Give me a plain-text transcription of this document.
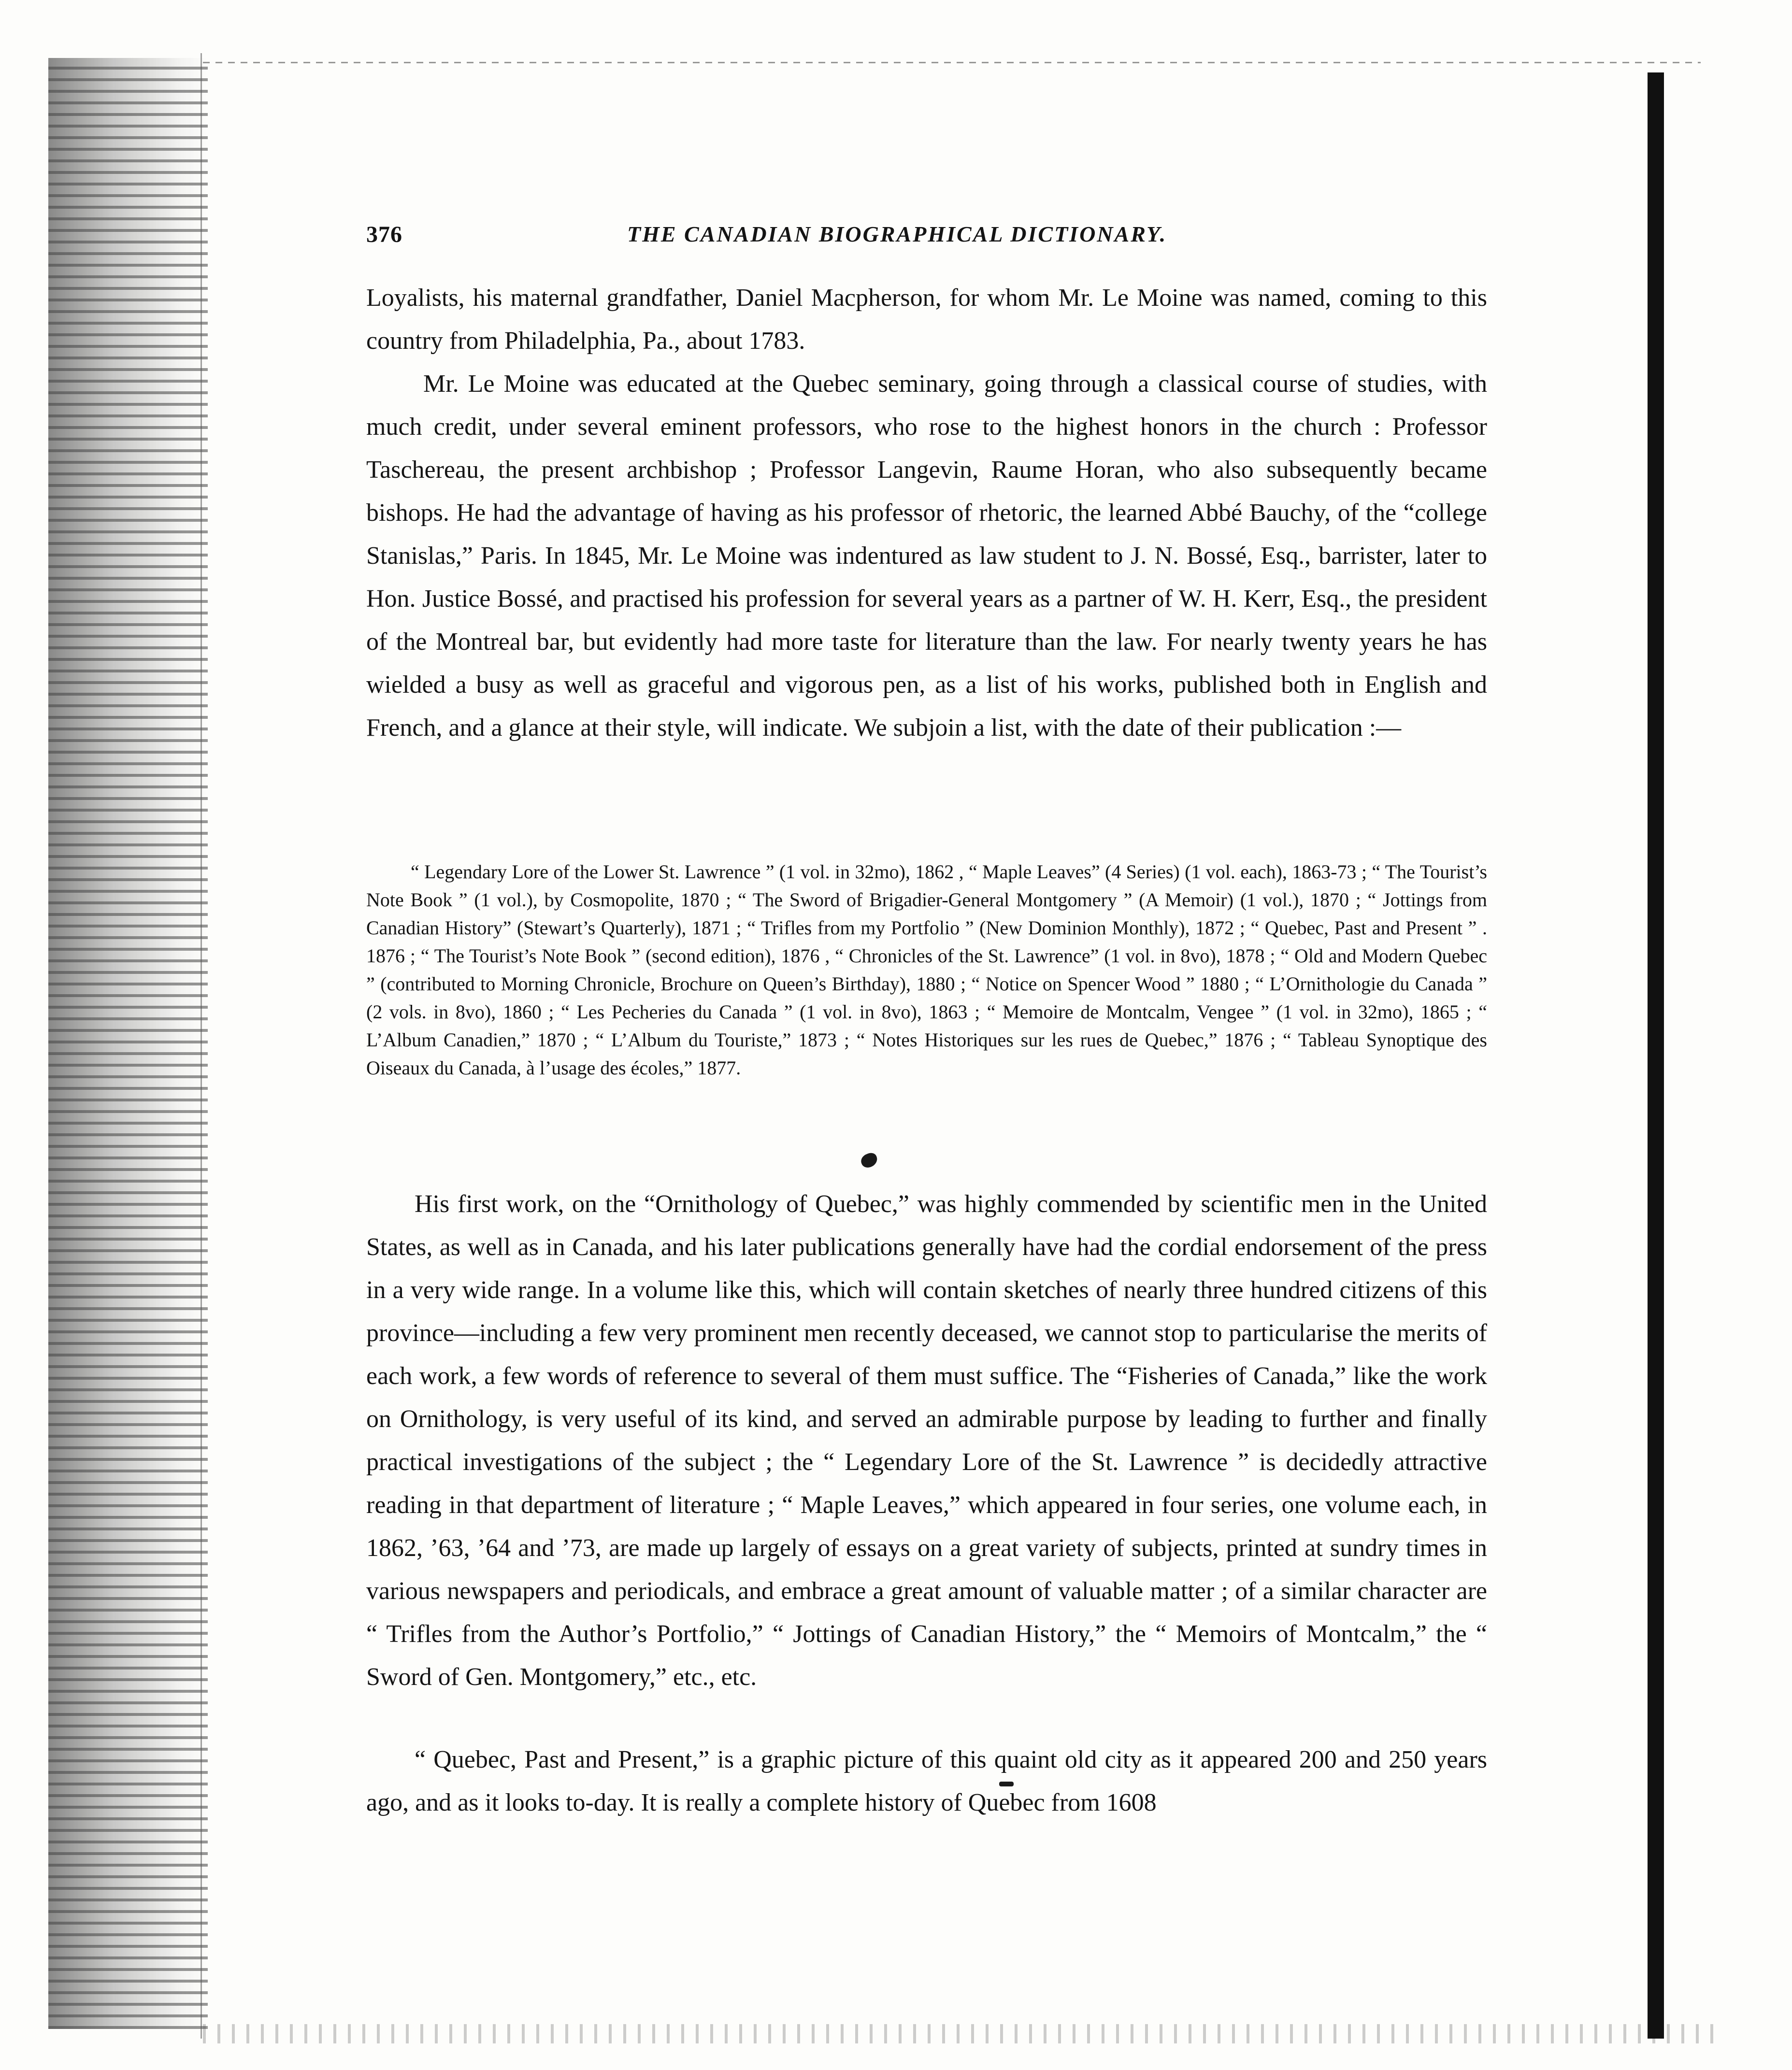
376	THE CANADIAN BIOGRAPHICAL DICTIONARY.

Loyalists, his maternal grandfather, Daniel Macpherson, for whom Mr. Le Moine was named, coming to this country from Philadelphia, Pa., about 1783.

Mr. Le Moine was educated at the Quebec seminary, going through a classical course of studies, with much credit, under several eminent professors, who rose to the highest honors in the church : Professor Taschereau, the present archbishop ; Professor Langevin, Raume Horan, who also subsequently became bishops. He had the advantage of having as his professor of rhetoric, the learned Abbé Bauchy, of the “college Stanislas,” Paris. In 1845, Mr. Le Moine was indentured as law student to J. N. Bossé, Esq., barrister, later to Hon. Justice Bossé, and practised his profession for several years as a partner of W. H. Kerr, Esq., the president of the Montreal bar, but evidently had more taste for literature than the law. For nearly twenty years he has wielded a busy as well as graceful and vigorous pen, as a list of his works, published both in English and French, and a glance at their style, will indicate. We subjoin a list, with the date of their publication :—

“ Legendary Lore of the Lower St. Lawrence ” (1 vol. in 32mo), 1862 , “ Maple Leaves” (4 Series) (1 vol. each), 1863-73 ; “ The Tourist’s Note Book ” (1 vol.), by Cosmopolite, 1870 ; “ The Sword of Brigadier-General Montgomery ” (A Memoir) (1 vol.), 1870 ; “ Jottings from Canadian History” (Stewart’s Quarterly), 1871 ; “ Trifles from my Portfolio ” (New Dominion Monthly), 1872 ; “ Quebec, Past and Present ” . 1876 ; “ The Tourist’s Note Book ” (second edition), 1876 , “ Chronicles of the St. Lawrence” (1 vol. in 8vo), 1878 ; “ Old and Modern Quebec ” (contributed to Morning Chronicle, Brochure on Queen’s Birthday), 1880 ; “ Notice on Spencer Wood ” 1880 ; “ L’Ornithologie du Canada ” (2 vols. in 8vo), 1860 ; “ Les Pecheries du Canada ” (1 vol. in 8vo), 1863 ; “ Memoire de Montcalm, Vengee ” (1 vol. in 32mo), 1865 ; “ L’Album Canadien,” 1870 ; “ L’Album du Touriste,” 1873 ; “ Notes Historiques sur les rues de Quebec,” 1876 ; “ Tableau Synoptique des Oiseaux du Canada, à l’usage des écoles,” 1877.

His first work, on the “Ornithology of Quebec,” was highly commended by scientific men in the United States, as well as in Canada, and his later publications generally have had the cordial endorsement of the press in a very wide range. In a volume like this, which will contain sketches of nearly three hundred citizens of this province—including a few very prominent men recently deceased, we cannot stop to particularise the merits of each work, a few words of reference to several of them must suffice. The “Fisheries of Canada,” like the work on Ornithology, is very useful of its kind, and served an admirable purpose by leading to further and finally practical investigations of the subject ; the “ Legendary Lore of the St. Lawrence ” is decidedly attractive reading in that department of literature ; “ Maple Leaves,” which appeared in four series, one volume each, in 1862, ’63, ’64 and ’73, are made up largely of essays on a great variety of subjects, printed at sundry times in various newspapers and periodicals, and embrace a great amount of valuable matter ; of a similar character are “ Trifles from the Author’s Portfolio,” “ Jottings of Canadian History,” the “ Memoirs of Montcalm,” the “ Sword of Gen. Montgomery,” etc., etc.

“ Quebec, Past and Present,” is a graphic picture of this quaint old city as it appeared 200 and 250 years ago, and as it looks to-day. It is really a complete history of Quebec from 1608
